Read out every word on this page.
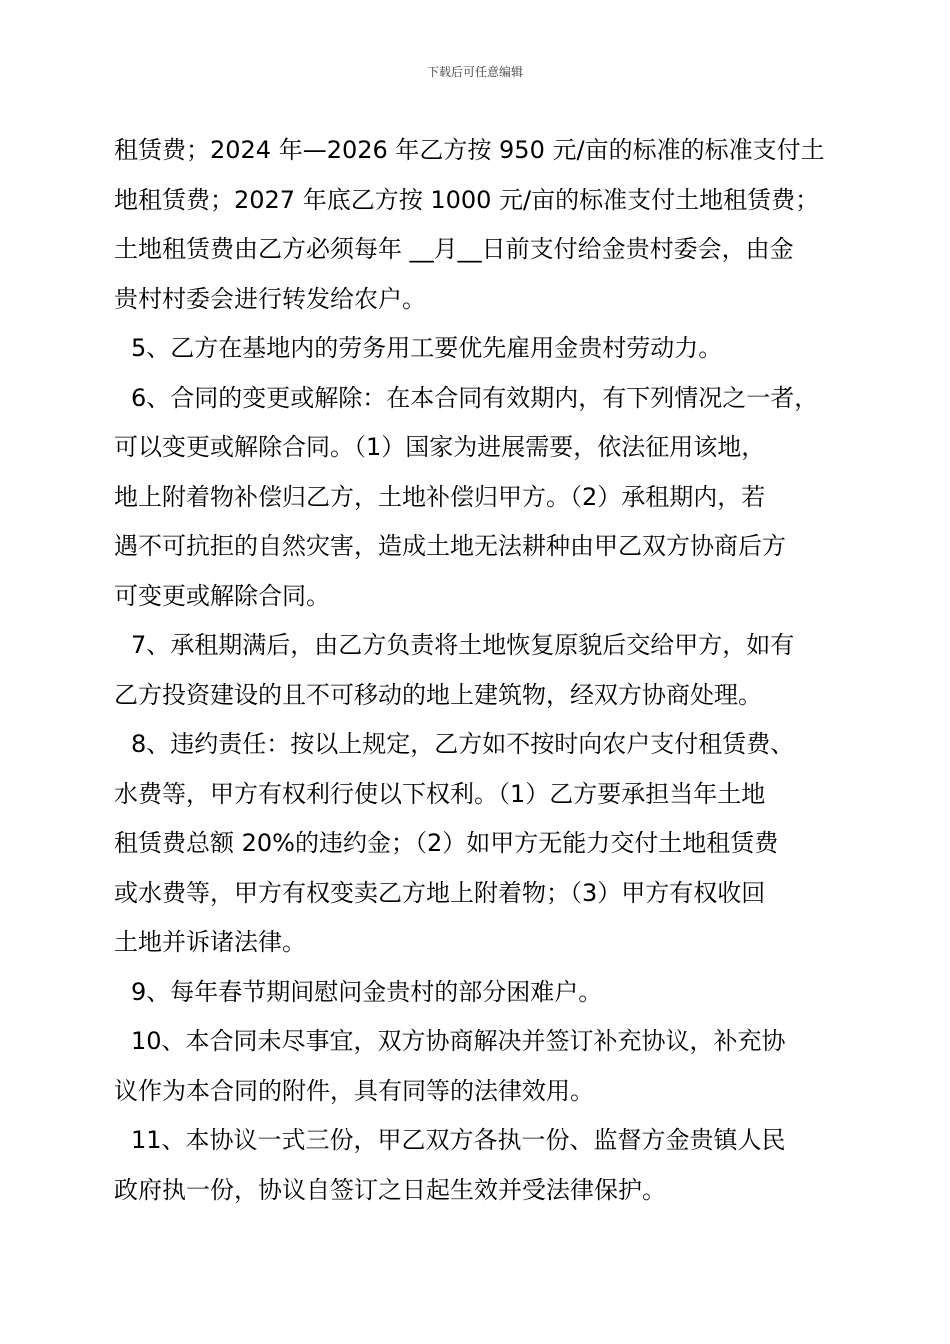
下载后可任意编辑
租赁费；2024 年—2026 年乙方按 950 元/亩的标准的标准支付土
地租赁费；2027 年底乙方按 1000 元/亩的标准支付土地租赁费；
土地租赁费由乙方必须每年 __月__日前支付给金贵村委会，由金
贵村村委会进行转发给农户。
5、乙方在基地内的劳务用工要优先雇用金贵村劳动力。
6、合同的变更或解除：在本合同有效期内，有下列情况之一者，
可以变更或解除合同。（1）国家为进展需要，依法征用该地，
地上附着物补偿归乙方，土地补偿归甲方。（2）承租期内，若
遇不可抗拒的自然灾害，造成土地无法耕种由甲乙双方协商后方
可变更或解除合同。
7、承租期满后，由乙方负责将土地恢复原貌后交给甲方，如有
乙方投资建设的且不可移动的地上建筑物，经双方协商处理。
8、违约责任：按以上规定，乙方如不按时向农户支付租赁费、
水费等，甲方有权利行使以下权利。（1）乙方要承担当年土地
租赁费总额 20%的违约金；（2）如甲方无能力交付土地租赁费
或水费等，甲方有权变卖乙方地上附着物；（3）甲方有权收回
土地并诉诸法律。
9、每年春节期间慰问金贵村的部分困难户。
10、本合同未尽事宜，双方协商解决并签订补充协议，补充协
议作为本合同的附件，具有同等的法律效用。
11、本协议一式三份，甲乙双方各执一份、监督方金贵镇人民
政府执一份，协议自签订之日起生效并受法律保护。
